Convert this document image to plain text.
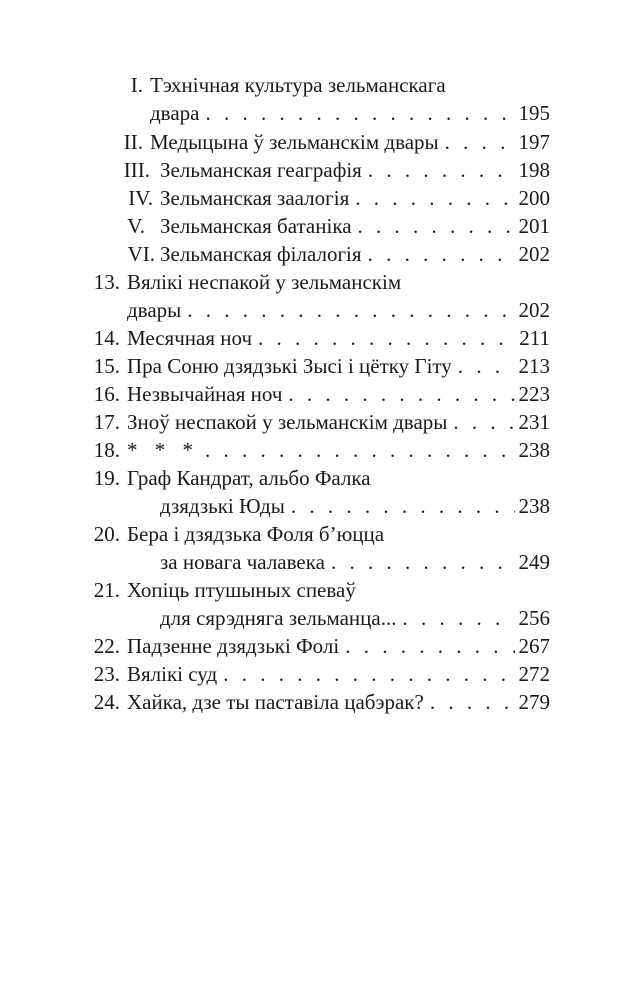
I. Тэхнічная культура зельманскага
двара . . .	195
II. Медыцына ў зельманскім двары . . .	197
III. Зельманская геаграфія . . .	198
IV. Зельманская заалогія . . .	200
V. Зельманская батаніка . . .	201
VI. Зельманская філалогія . . .	202
13. Вялікі неспакой у зельманскім
двары . . .	202
14. Месячная ноч . . .	211
15. Пра Соню дзядзькі Зысі і цётку Гіту . . .	213
16. Незвычайная ноч . . .	223
17. Зноў неспакой у зельманскім двары . . .	231
18. * * * . . .	238
19. Граф Кандрат, альбо Фалка
дзядзькі Юды . . .	238
20. Бера і дзядзька Фоля б’юцца
за новага чалавека . . .	249
21. Хопіць птушыных спеваў
для сярэдняга зельманца... . . .	256
22. Падзенне дзядзькі Фолі . . .	267
23. Вялікі суд . . .	272
24. Хайка, дзе ты паставіла цабэрак? . . .	279
